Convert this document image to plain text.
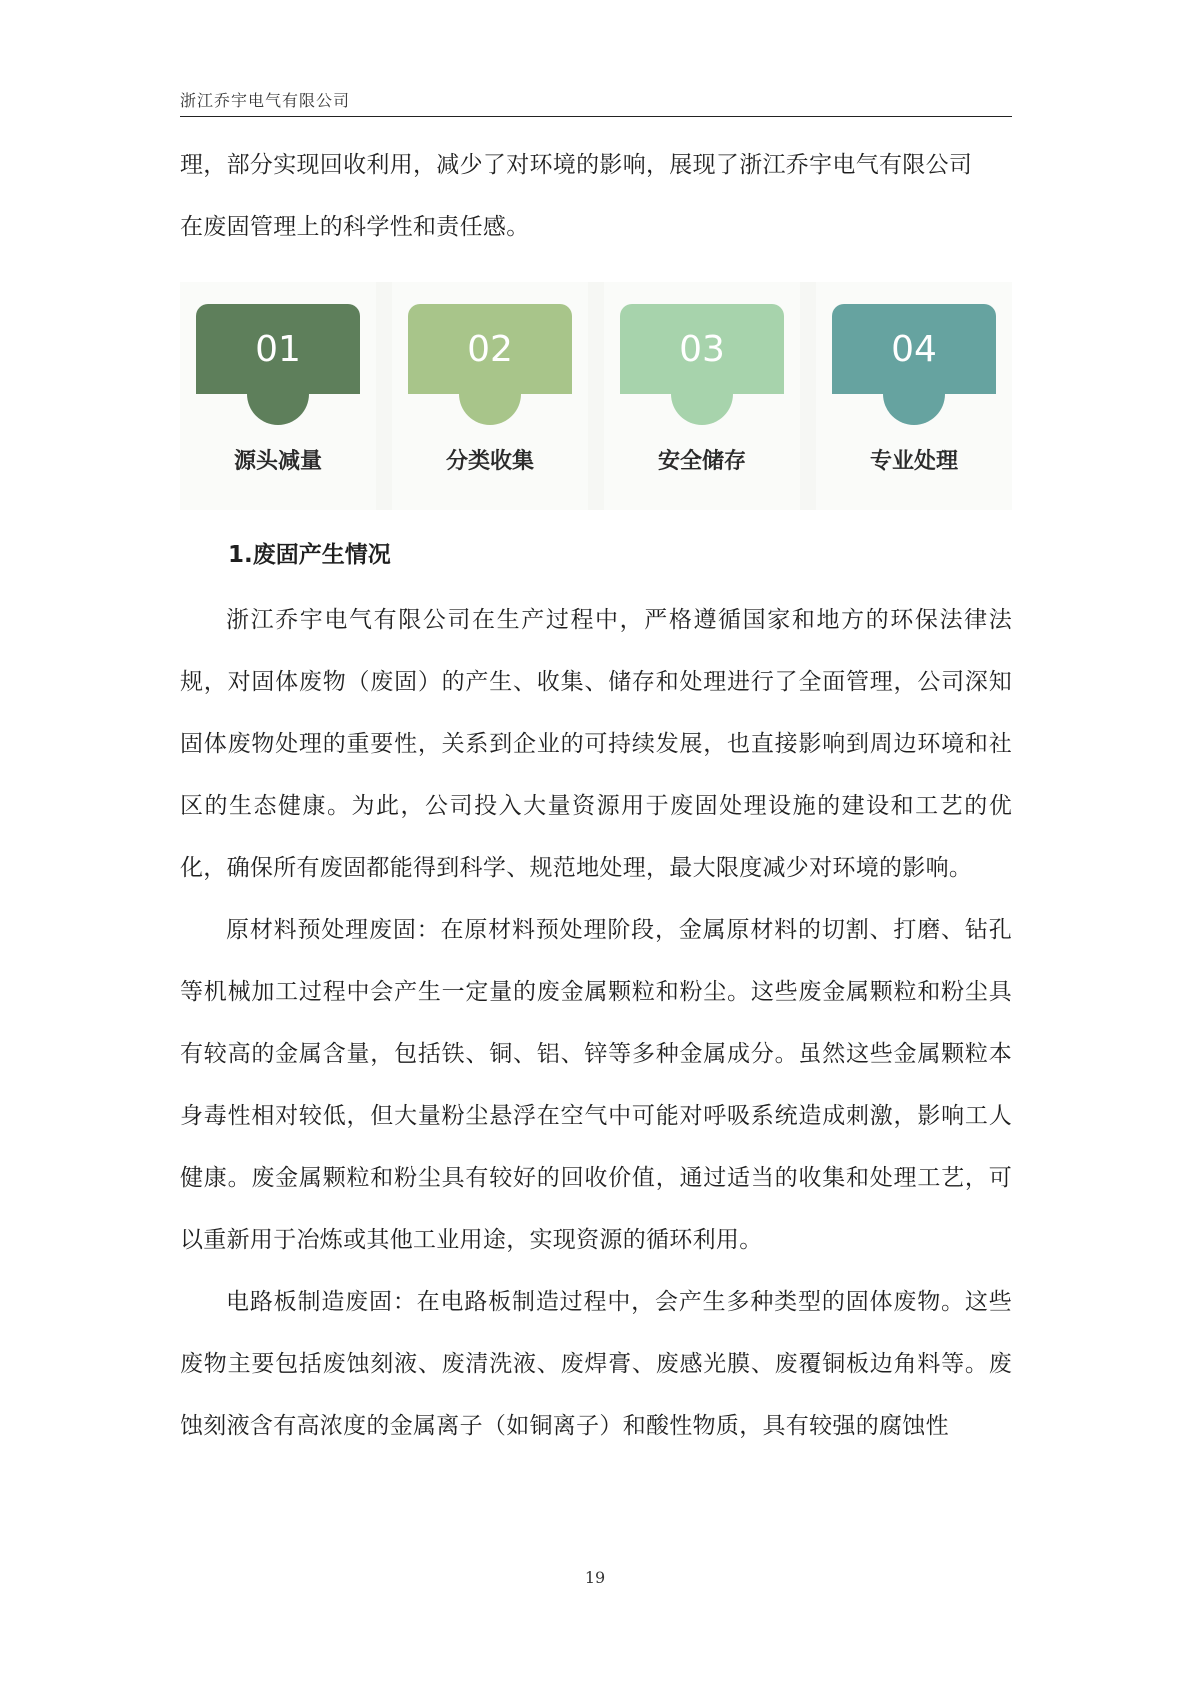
浙江乔宇电气有限公司

理，部分实现回收利用，减少了对环境的影响，展现了浙江乔宇电气有限公司

在废固管理上的科学性和责任感。

01
源头减量
02
分类收集
03
安全储存
04
专业处理
1.废固产生情况

浙江乔宇电气有限公司在生产过程中，严格遵循国家和地方的环保法律法规，对固体废物（废固）的产生、收集、储存和处理进行了全面管理，公司深知固体废物处理的重要性，关系到企业的可持续发展，也直接影响到周边环境和社区的生态健康。为此，公司投入大量资源用于废固处理设施的建设和工艺的优化，确保所有废固都能得到科学、规范地处理，最大限度减少对环境的影响。

原材料预处理废固：在原材料预处理阶段，金属原材料的切割、打磨、钻孔等机械加工过程中会产生一定量的废金属颗粒和粉尘。这些废金属颗粒和粉尘具有较高的金属含量，包括铁、铜、铝、锌等多种金属成分。虽然这些金属颗粒本身毒性相对较低，但大量粉尘悬浮在空气中可能对呼吸系统造成刺激，影响工人健康。废金属颗粒和粉尘具有较好的回收价值，通过适当的收集和处理工艺，可以重新用于冶炼或其他工业用途，实现资源的循环利用。

电路板制造废固：在电路板制造过程中，会产生多种类型的固体废物。这些废物主要包括废蚀刻液、废清洗液、废焊膏、废感光膜、废覆铜板边角料等。废蚀刻液含有高浓度的金属离子（如铜离子）和酸性物质，具有较强的腐蚀性

19
